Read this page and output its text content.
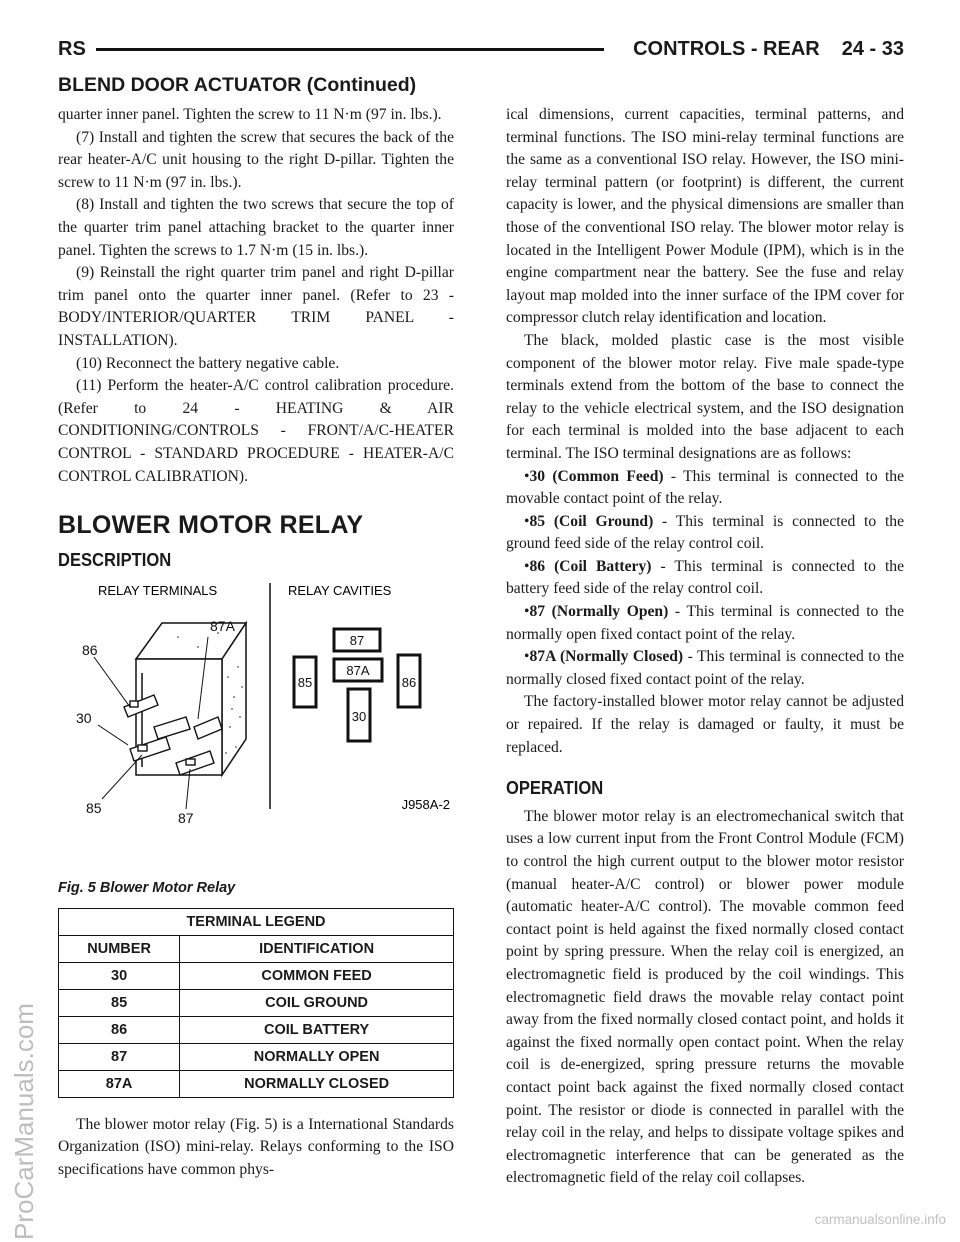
RS	CONTROLS - REAR 24 - 33
BLEND DOOR ACTUATOR (Continued)

quarter inner panel. Tighten the screw to 11 N·m (97 in. lbs.).

(7) Install and tighten the screw that secures the back of the rear heater-A/C unit housing to the right D-pillar. Tighten the screw to 11 N·m (97 in. lbs.).

(8) Install and tighten the two screws that secure the top of the quarter trim panel attaching bracket to the quarter inner panel. Tighten the screws to 1.7 N·m (15 in. lbs.).

(9) Reinstall the right quarter trim panel and right D-pillar trim panel onto the quarter inner panel. (Refer to 23 - BODY/INTERIOR/QUARTER TRIM PANEL - INSTALLATION).

(10) Reconnect the battery negative cable.

(11) Perform the heater-A/C control calibration procedure. (Refer to 24 - HEATING & AIR CONDITIONING/CONTROLS - FRONT/A/C-HEATER CONTROL - STANDARD PROCEDURE - HEATER-A/C CONTROL CALIBRATION).

BLOWER MOTOR RELAY
DESCRIPTION
RELAY TERMINALS	RELAY CAVITIES
86
87A
30
85
87
87
87A
85	86
30
J958A-2
Fig. 5 Blower Motor Relay
TERMINAL LEGEND	
NUMBER	IDENTIFICATION
30	COMMON FEED
85	COIL GROUND
86	COIL BATTERY
87	NORMALLY OPEN
87A	NORMALLY CLOSED

The blower motor relay (Fig. 5) is a International Standards Organization (ISO) mini-relay. Relays conforming to the ISO specifications have common phys-

ical dimensions, current capacities, terminal patterns, and terminal functions. The ISO mini-relay terminal functions are the same as a conventional ISO relay. However, the ISO mini-relay terminal pattern (or footprint) is different, the current capacity is lower, and the physical dimensions are smaller than those of the conventional ISO relay. The blower motor relay is located in the Intelligent Power Module (IPM), which is in the engine compartment near the battery. See the fuse and relay layout map molded into the inner surface of the IPM cover for compressor clutch relay identification and location.

The black, molded plastic case is the most visible component of the blower motor relay. Five male spade-type terminals extend from the bottom of the base to connect the relay to the vehicle electrical system, and the ISO designation for each terminal is molded into the base adjacent to each terminal. The ISO terminal designations are as follows:

•30 (Common Feed) - This terminal is connected to the movable contact point of the relay.

•85 (Coil Ground) - This terminal is connected to the ground feed side of the relay control coil.

•86 (Coil Battery) - This terminal is connected to the battery feed side of the relay control coil.

•87 (Normally Open) - This terminal is connected to the normally open fixed contact point of the relay.

•87A (Normally Closed) - This terminal is connected to the normally closed fixed contact point of the relay.

The factory-installed blower motor relay cannot be adjusted or repaired. If the relay is damaged or faulty, it must be replaced.

OPERATION

The blower motor relay is an electromechanical switch that uses a low current input from the Front Control Module (FCM) to control the high current output to the blower motor resistor (manual heater-A/C control) or blower power module (automatic heater-A/C control). The movable common feed contact point is held against the fixed normally closed contact point by spring pressure. When the relay coil is energized, an electromagnetic field is produced by the coil windings. This electromagnetic field draws the movable relay contact point away from the fixed normally closed contact point, and holds it against the fixed normally open contact point. When the relay coil is de-energized, spring pressure returns the movable contact point back against the fixed normally closed contact point. The resistor or diode is connected in parallel with the relay coil in the relay, and helps to dissipate voltage spikes and electromagnetic interference that can be generated as the electromagnetic field of the relay coil collapses.

ProCarManuals.com	carmanualsonline.info
